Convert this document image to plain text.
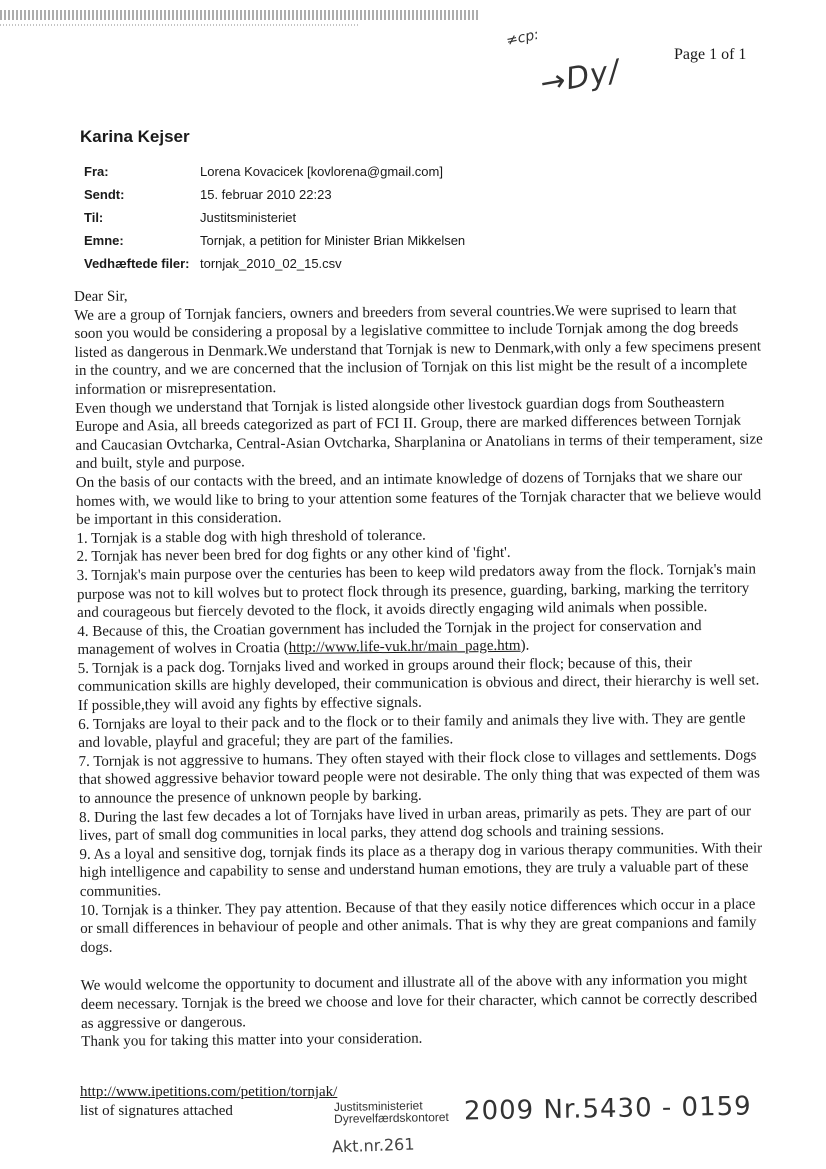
Page 1 of 1
≠cp:
→Dy/
Karina Kejser
Fra:	Lorena Kovacicek [kovlorena@gmail.com]
Sendt:	15. februar 2010 22:23
Til:	Justitsministeriet
Emne:	Tornjak, a petition for Minister Brian Mikkelsen
Vedhæftede filer: tornjak_2010_02_15.csv

Dear Sir,

We are a group of Tornjak fanciers, owners and breeders from several countries.We were suprised to learn that soon you would be considering a proposal by a legislative committee to include Tornjak among the dog breeds listed as dangerous in Denmark.We understand that Tornjak is new to Denmark,with only a few specimens present in the country, and we are concerned that the inclusion of Tornjak on this list might be the result of a incomplete information or misrepresentation.

Even though we understand that Tornjak is listed alongside other livestock guardian dogs from Southeastern Europe and Asia, all breeds categorized as part of FCI II. Group, there are marked differences between Tornjak and Caucasian Ovtcharka, Central-Asian Ovtcharka, Sharplanina or Anatolians in terms of their temperament, size and built, style and purpose.

On the basis of our contacts with the breed, and an intimate knowledge of dozens of Tornjaks that we share our homes with, we would like to bring to your attention some features of the Tornjak character that we believe would be important in this consideration.

1. Tornjak is a stable dog with high threshold of tolerance.

2. Tornjak has never been bred for dog fights or any other kind of 'fight'.

3. Tornjak's main purpose over the centuries has been to keep wild predators away from the flock. Tornjak's main purpose was not to kill wolves but to protect flock through its presence, guarding, barking, marking the territory and courageous but fiercely devoted to the flock, it avoids directly engaging wild animals when possible.

4. Because of this, the Croatian government has included the Tornjak in the project for conservation and management of wolves in Croatia (http://www.life-vuk.hr/main_page.htm).

5. Tornjak is a pack dog. Tornjaks lived and worked in groups around their flock; because of this, their communication skills are highly developed, their communication is obvious and direct, their hierarchy is well set. If possible,they will avoid any fights by effective signals.

6. Tornjaks are loyal to their pack and to the flock or to their family and animals they live with. They are gentle and lovable, playful and graceful; they are part of the families.

7. Tornjak is not aggressive to humans. They often stayed with their flock close to villages and settlements. Dogs that showed aggressive behavior toward people were not desirable. The only thing that was expected of them was to announce the presence of unknown people by barking.

8. During the last few decades a lot of Tornjaks have lived in urban areas, primarily as pets. They are part of our lives, part of small dog communities in local parks, they attend dog schools and training sessions.

9. As a loyal and sensitive dog, tornjak finds its place as a therapy dog in various therapy communities. With their high intelligence and capability to sense and understand human emotions, they are truly a valuable part of these communities.

10. Tornjak is a thinker. They pay attention. Because of that they easily notice differences which occur in a place or small differences in behaviour of people and other animals. That is why they are great companions and family dogs.

We would welcome the opportunity to document and illustrate all of the above with any information you might deem necessary. Tornjak is the breed we choose and love for their character, which cannot be correctly described as aggressive or dangerous.

Thank you for taking this matter into your consideration.

http://www.ipetitions.com/petition/tornjak/
list of signatures attached	Justitsministeriet
Dyrevelfærdskontoret 2009 Nr.5430 - 0159
Akt.nr.261
